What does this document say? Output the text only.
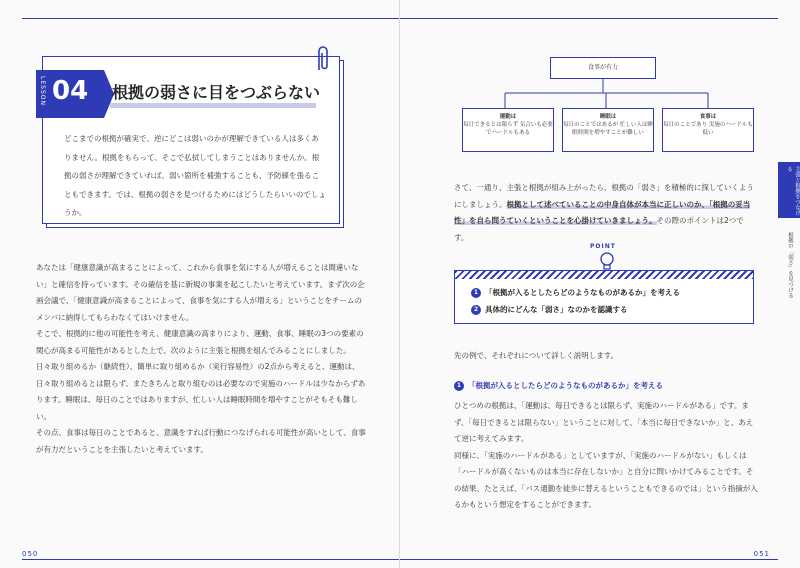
050	051
LESSON 04 根拠の弱さに目をつぶらない
どこまでの根拠が確実で、逆にどこは弱いのかが理解できている人は多くありません。根拠をもらって、そこで払拭してしまうことはありませんか。根拠の弱さが理解できていれば、弱い箇所を補強することも、予防線を張ることもできます。では、根拠の弱さを見つけるためにはどうしたらいいのでしょうか。

あなたは「健康意識が高まることによって、これから食事を気にする人が増えることは間違いない」と確信を持っています。その確信を基に新規の事業を起こしたいと考えています。まず次の企画会議で、「健康意識が高まることによって、食事を気にする人が増える」ということをチームのメンバに納得してもらわなくてはいけません。

そこで、根拠的に他の可能性を考え、健康意識の高まりにより、運動、食事、睡眠の3つの要素の関心が高まる可能性があるとした上で、次のように主張と根拠を組んでみることにしました。

日々取り組めるか（継続性）、簡単に取り組めるか（実行容易性）の2点から考えると、運動は、日々取り組めるとは限らず、またきちんと取り組むのは必要なので実施のハードルは少なからずあります。睡眠は、毎日のことではありますが、忙しい人は睡眠時間を増やすことがそもそも難しい。

その点、食事は毎日のことであると、意識をすれば行動につなげられる可能性が高いとして、食事が有力だということを主張したいと考えています。

食事が有力
運動は
毎日できるとは限らず 気合いも必要でハードルもある
睡眠は
毎日のことではあるが 忙しい人は睡眠時間を増やすことが難しい
食事は
毎日のことであり 実施のハードルも低い
主張と根拠をつなげる
根拠の「弱さ」を見つける
さて、一通り、主張と根拠が組み上がったら、根拠の「弱さ」を積極的に探していくようにしましょう。根拠として述べていることの中身自体が本当に正しいのか、「根拠の妥当性」を自ら問うていくということを心掛けていきましょう。その際のポイントは2つです。
POINT
1 「根拠が入るとしたらどのようなものがあるか」を考える
2 具体的にどんな「弱さ」なのかを認識する
先の例で、それぞれについて詳しく説明します。
1 「根拠が入るとしたらどのようなものがあるか」を考える

ひとつめの根拠は、「運動は、毎日できるとは限らず、実施のハードルがある」です。まず、「毎日できるとは限らない」ということに対して、「本当に毎日できないか」と、あえて逆に考えてみます。

同様に、「実施のハードルがある」としていますが、「実施のハードルがない」もしくは「ハードルが高くないものは本当に存在しないか」と自分に問いかけてみることです。その結果、たとえば、「バス通勤を徒歩に替えるということもできるのでは」という指摘が入るかもという想定をすることができます。
